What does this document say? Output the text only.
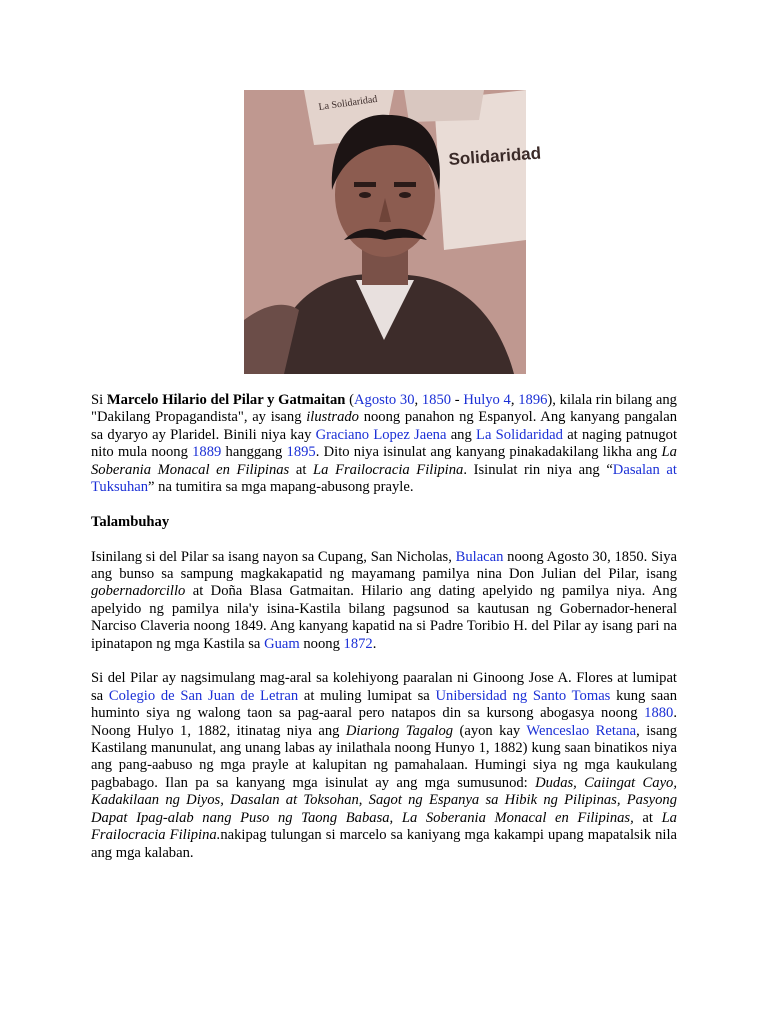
Solidaridad
La Solidaridad

Si Marcelo Hilario del Pilar y Gatmaitan (Agosto 30, 1850 - Hulyo 4, 1896), kilala rin bilang ang "Dakilang Propagandista", ay isang ilustrado noong panahon ng Espanyol. Ang kanyang pangalan sa dyaryo ay Plaridel. Binili niya kay Graciano Lopez Jaena ang La Solidaridad at naging patnugot nito mula noong 1889 hanggang 1895. Dito niya isinulat ang kanyang pinakadakilang likha ang La Soberania Monacal en Filipinas at La Frailocracia Filipina. Isinulat rin niya ang “Dasalan at Tuksuhan” na tumitira sa mga mapang-abusong prayle.

Talambuhay

Isinilang si del Pilar sa isang nayon sa Cupang, San Nicholas, Bulacan noong Agosto 30, 1850. Siya ang bunso sa sampung magkakapatid ng mayamang pamilya nina Don Julian del Pilar, isang gobernadorcillo at Doña Blasa Gatmaitan. Hilario ang dating apelyido ng pamilya niya. Ang apelyido ng pamilya nila'y isina-Kastila bilang pagsunod sa kautusan ng Gobernador-heneral Narciso Claveria noong 1849. Ang kanyang kapatid na si Padre Toribio H. del Pilar ay isang pari na ipinatapon ng mga Kastila sa Guam noong 1872.

Si del Pilar ay nagsimulang mag-aral sa kolehiyong paaralan ni Ginoong Jose A. Flores at lumipat sa Colegio de San Juan de Letran at muling lumipat sa Unibersidad ng Santo Tomas kung saan huminto siya ng walong taon sa pag-aaral pero natapos din sa kursong abogasya noong 1880. Noong Hulyo 1, 1882, itinatag niya ang Diariong Tagalog (ayon kay Wenceslao Retana, isang Kastilang manunulat, ang unang labas ay inilathala noong Hunyo 1, 1882) kung saan binatikos niya ang pang-aabuso ng mga prayle at kalupitan ng pamahalaan. Humingi siya ng mga kaukulang pagbabago. Ilan pa sa kanyang mga isinulat ay ang mga sumusunod: Dudas, Caiingat Cayo, Kadakilaan ng Diyos, Dasalan at Toksohan, Sagot ng Espanya sa Hibik ng Pilipinas, Pasyong Dapat Ipag-alab nang Puso ng Taong Babasa, La Soberania Monacal en Filipinas, at La Frailocracia Filipina.nakipag tulungan si marcelo sa kaniyang mga kakampi upang mapatalsik nila ang mga kalaban.
